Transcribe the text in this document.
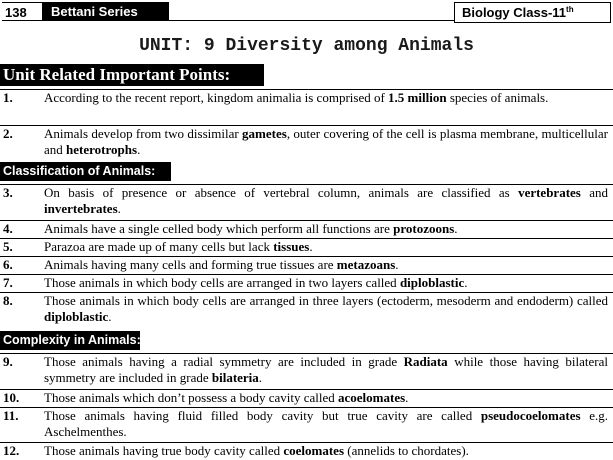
138	Bettani Series	Biology Class-11th
UNIT: 9 Diversity among Animals
Unit Related Important Points:
1. According to the recent report, kingdom animalia is comprised of 1.5 million species of animals.
2. Animals develop from two dissimilar gametes, outer covering of the cell is plasma membrane, multicellular and heterotrophs.
Classification of Animals:
3. On basis of presence or absence of vertebral column, animals are classified as vertebrates and invertebrates.
4. Animals have a single celled body which perform all functions are protozoons.
5. Parazoa are made up of many cells but lack tissues.
6. Animals having many cells and forming true tissues are metazoans.
7. Those animals in which body cells are arranged in two layers called diploblastic.
8. Those animals in which body cells are arranged in three layers (ectoderm, mesoderm and endoderm) called diploblastic.
Complexity in Animals:
9. Those animals having a radial symmetry are included in grade Radiata while those having bilateral symmetry are included in grade bilateria.
10. Those animals which don’t possess a body cavity called acoelomates.
11. Those animals having fluid filled body cavity but true cavity are called pseudocoelomates e.g. Aschelmenthes.
12. Those animals having true body cavity called coelomates (annelids to chordates).
